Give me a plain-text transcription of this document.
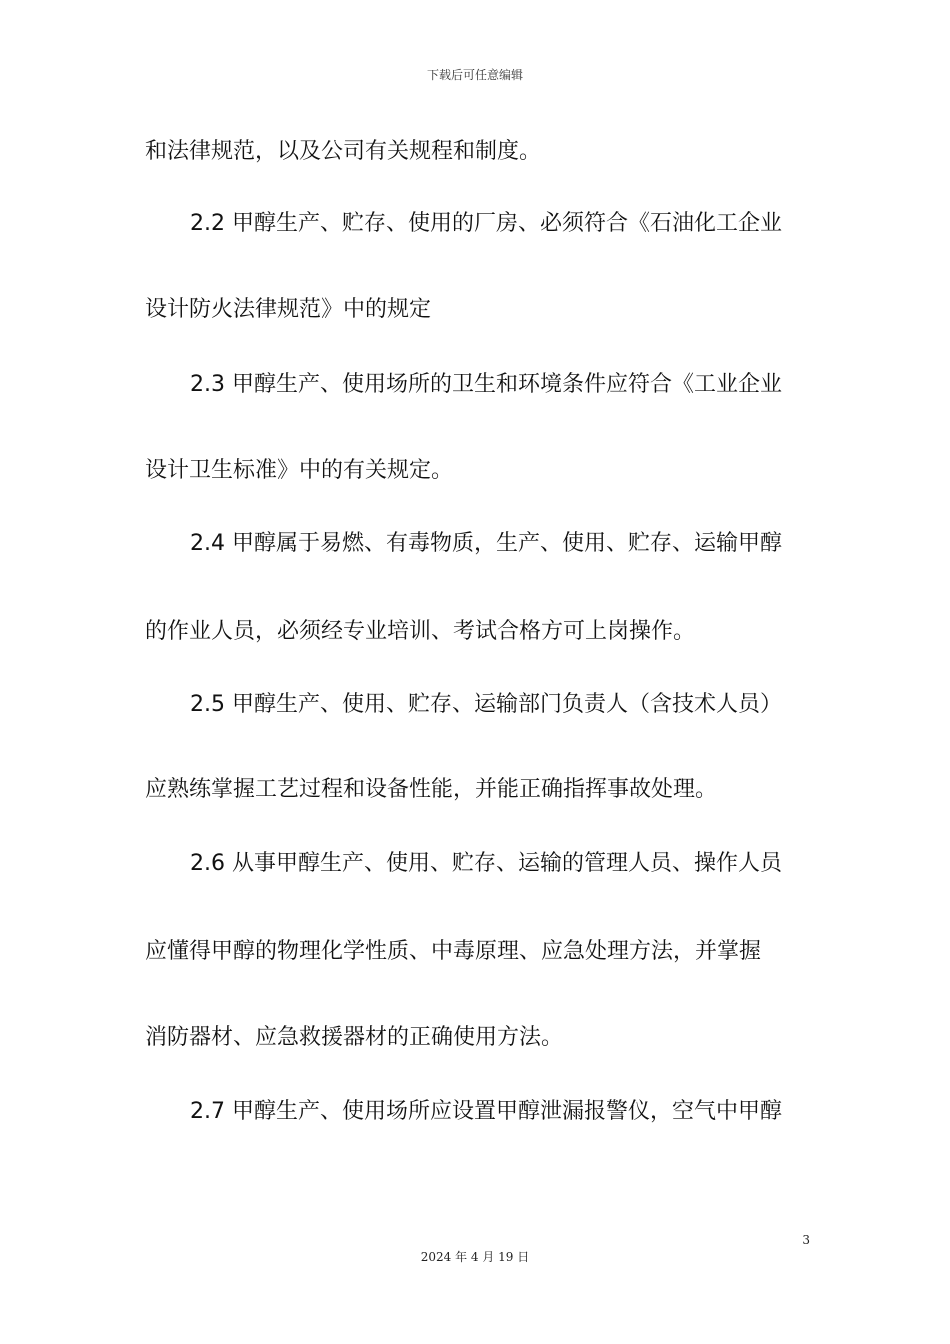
下载后可任意编辑
和法律规范，以及公司有关规程和制度。
2.2 甲醇生产、贮存、使用的厂房、必须符合《石油化工企业
设计防火法律规范》中的规定
2.3 甲醇生产、使用场所的卫生和环境条件应符合《工业企业
设计卫生标准》中的有关规定。
2.4 甲醇属于易燃、有毒物质，生产、使用、贮存、运输甲醇
的作业人员，必须经专业培训、考试合格方可上岗操作。
2.5 甲醇生产、使用、贮存、运输部门负责人（含技术人员）
应熟练掌握工艺过程和设备性能，并能正确指挥事故处理。
2.6 从事甲醇生产、使用、贮存、运输的管理人员、操作人员
应懂得甲醇的物理化学性质、中毒原理、应急处理方法，并掌握
消防器材、应急救援器材的正确使用方法。
2.7 甲醇生产、使用场所应设置甲醇泄漏报警仪，空气中甲醇
3
2024 年 4 月 19 日
